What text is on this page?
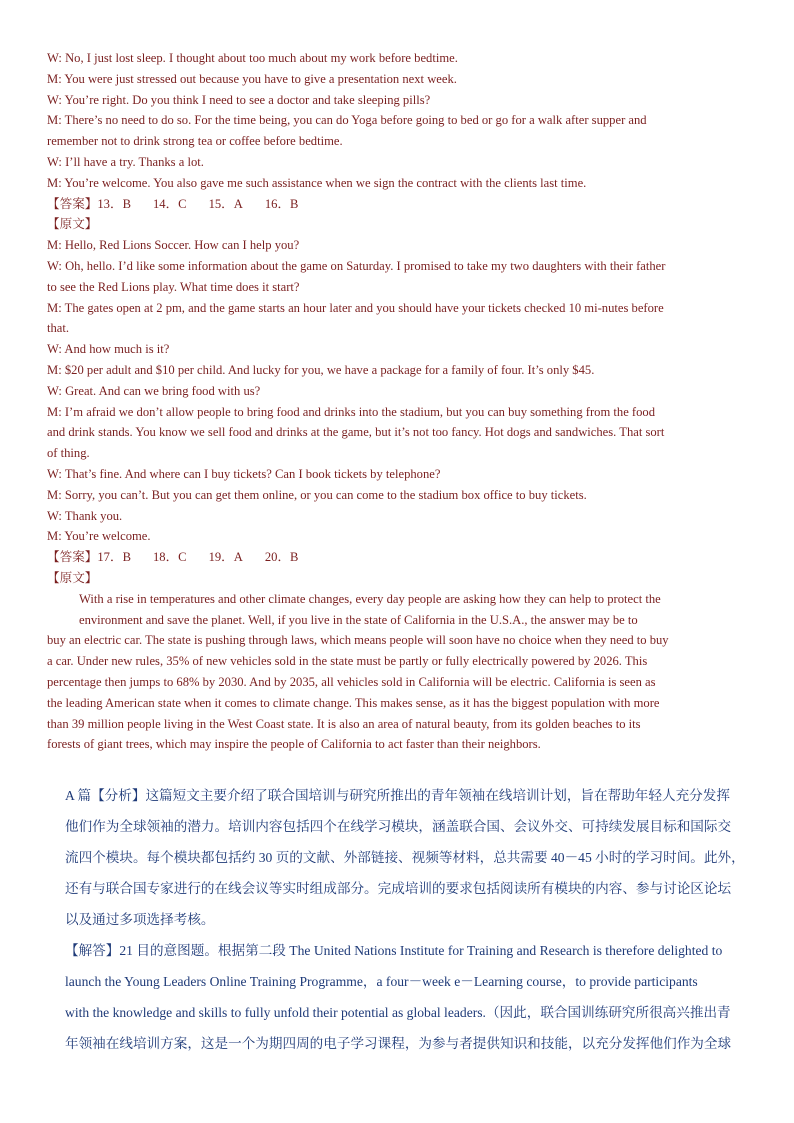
W: No, I just lost sleep. I thought about too much about my work before bedtime.
M: You were just stressed out because you have to give a presentation next week.
W: You’re right. Do you think I need to see a doctor and take sleeping pills?
M: There’s no need to do so. For the time being, you can do Yoga before going to bed or go for a walk after supper and
remember not to drink strong tea or coffee before bedtime.
W: I’ll have a try. Thanks a lot.
M: You’re welcome. You also gave me such assistance when we sign the contract with the clients last time.
【答案】13．B 14．C 15．A 16．B
【原文】
M: Hello, Red Lions Soccer. How can I help you?
W: Oh, hello. I’d like some information about the game on Saturday. I promised to take my two daughters with their father
to see the Red Lions play. What time does it start?
M: The gates open at 2 pm, and the game starts an hour later and you should have your tickets checked 10 mi-nutes before
that.
W: And how much is it?
M: $20 per adult and $10 per child. And lucky for you, we have a package for a family of four. It’s only $45.
W: Great. And can we bring food with us?
M: I’m afraid we don’t allow people to bring food and drinks into the stadium, but you can buy something from the food
and drink stands. You know we sell food and drinks at the game, but it’s not too fancy. Hot dogs and sandwiches. That sort
of thing.
W: That’s fine. And where can I buy tickets? Can I book tickets by telephone?
M: Sorry, you can’t. But you can get them online, or you can come to the stadium box office to buy tickets.
W: Thank you.
M: You’re welcome.
【答案】17．B 18．C 19．A 20．B
【原文】
With a rise in temperatures and other climate changes, every day people are asking how they can help to protect the
environment and save the planet. Well, if you live in the state of California in the U.S.A., the answer may be to
buy an electric car. The state is pushing through laws, which means people will soon have no choice when they need to buy
a car. Under new rules, 35% of new vehicles sold in the state must be partly or fully electrically powered by 2026. This
percentage then jumps to 68% by 2030. And by 2035, all vehicles sold in California will be electric. California is seen as
the leading American state when it comes to climate change. This makes sense, as it has the biggest population with more
than 39 million people living in the West Coast state. It is also an area of natural beauty, from its golden beaches to its
forests of giant trees, which may inspire the people of California to act faster than their neighbors.
A 篇【分析】这篇短文主要介绍了联合国培训与研究所推出的青年领袖在线培训计划，旨在帮助年轻人充分发挥
他们作为全球领袖的潜力。培训内容包括四个在线学习模块，涵盖联合国、会议外交、可持续发展目标和国际交
流四个模块。每个模块都包括约 30 页的文献、外部链接、视频等材料，总共需要 40－45 小时的学习时间。此外，
还有与联合国专家进行的在线会议等实时组成部分。完成培训的要求包括阅读所有模块的内容、参与讨论区论坛
以及通过多项选择考核。
【解答】21 目的意图题。根据第二段 The United Nations Institute for Training and Research is therefore delighted to
launch the Young Leaders Online Training Programme，a four－week e－Learning course，to provide participants
with the knowledge and skills to fully unfold their potential as global leaders.（因此，联合国训练研究所很高兴推出青
年领袖在线培训方案，这是一个为期四周的电子学习课程，为参与者提供知识和技能，以充分发挥他们作为全球
